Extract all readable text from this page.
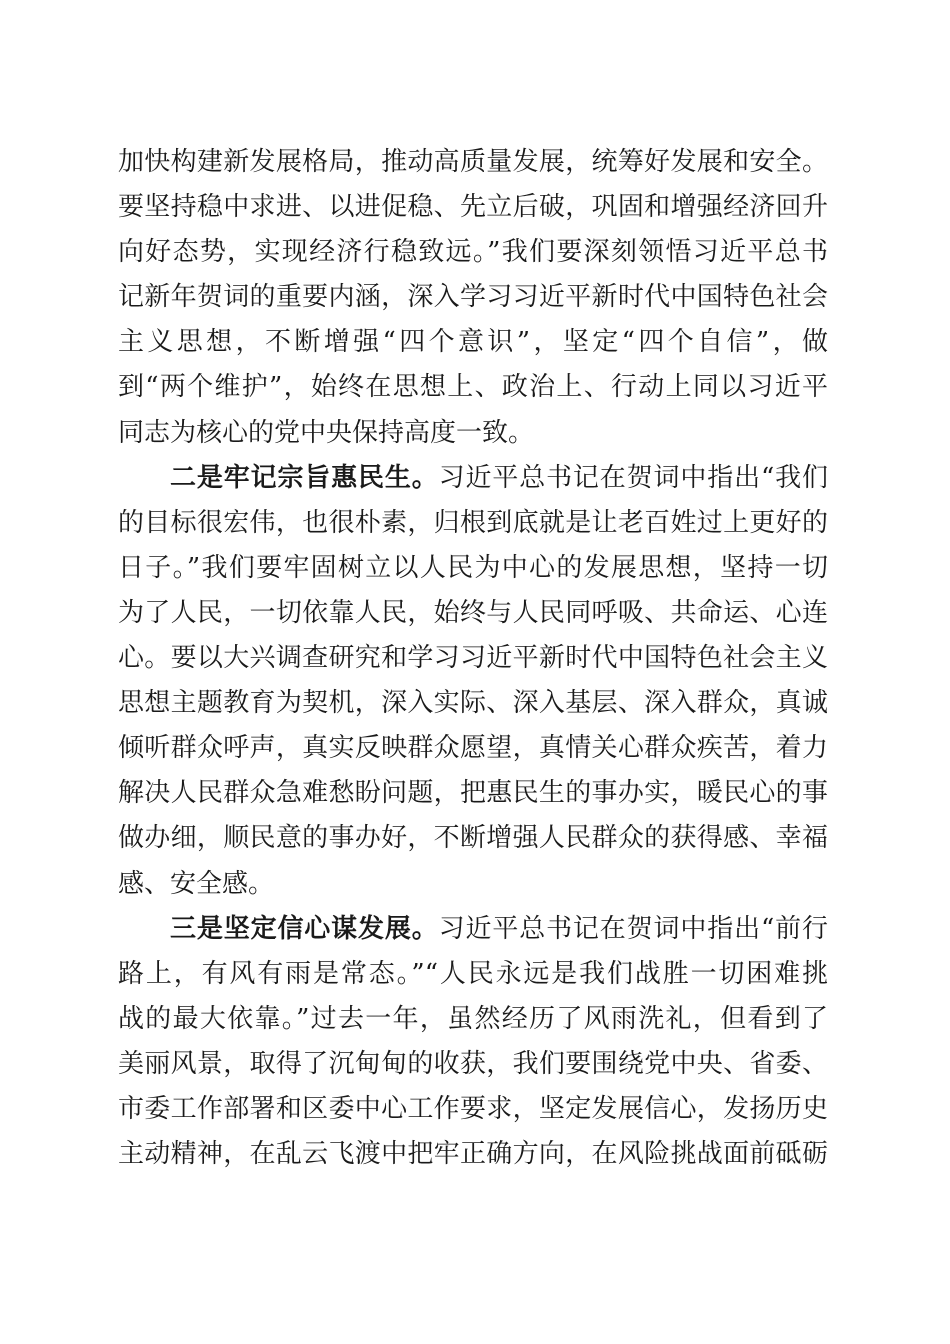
加快构建新发展格局，推动高质量发展，统筹好发展和安全。
要坚持稳中求进、以进促稳、先立后破，巩固和增强经济回升
向好态势，实现经济行稳致远。”我们要深刻领悟习近平总书
记新年贺词的重要内涵，深入学习习近平新时代中国特色社会
主义思想，不断增强“四个意识”，坚定“四个自信”，做
到“两个维护”，始终在思想上、政治上、行动上同以习近平
同志为核心的党中央保持高度一致。
二是牢记宗旨惠民生。习近平总书记在贺词中指出“我们
的目标很宏伟，也很朴素，归根到底就是让老百姓过上更好的
日子。”我们要牢固树立以人民为中心的发展思想，坚持一切
为了人民，一切依靠人民，始终与人民同呼吸、共命运、心连
心。要以大兴调查研究和学习习近平新时代中国特色社会主义
思想主题教育为契机，深入实际、深入基层、深入群众，真诚
倾听群众呼声，真实反映群众愿望，真情关心群众疾苦，着力
解决人民群众急难愁盼问题，把惠民生的事办实，暖民心的事
做办细，顺民意的事办好，不断增强人民群众的获得感、幸福
感、安全感。
三是坚定信心谋发展。习近平总书记在贺词中指出“前行
路上，有风有雨是常态。”“人民永远是我们战胜一切困难挑
战的最大依靠。”过去一年，虽然经历了风雨洗礼，但看到了
美丽风景，取得了沉甸甸的收获，我们要围绕党中央、省委、
市委工作部署和区委中心工作要求，坚定发展信心，发扬历史
主动精神，在乱云飞渡中把牢正确方向，在风险挑战面前砥砺
